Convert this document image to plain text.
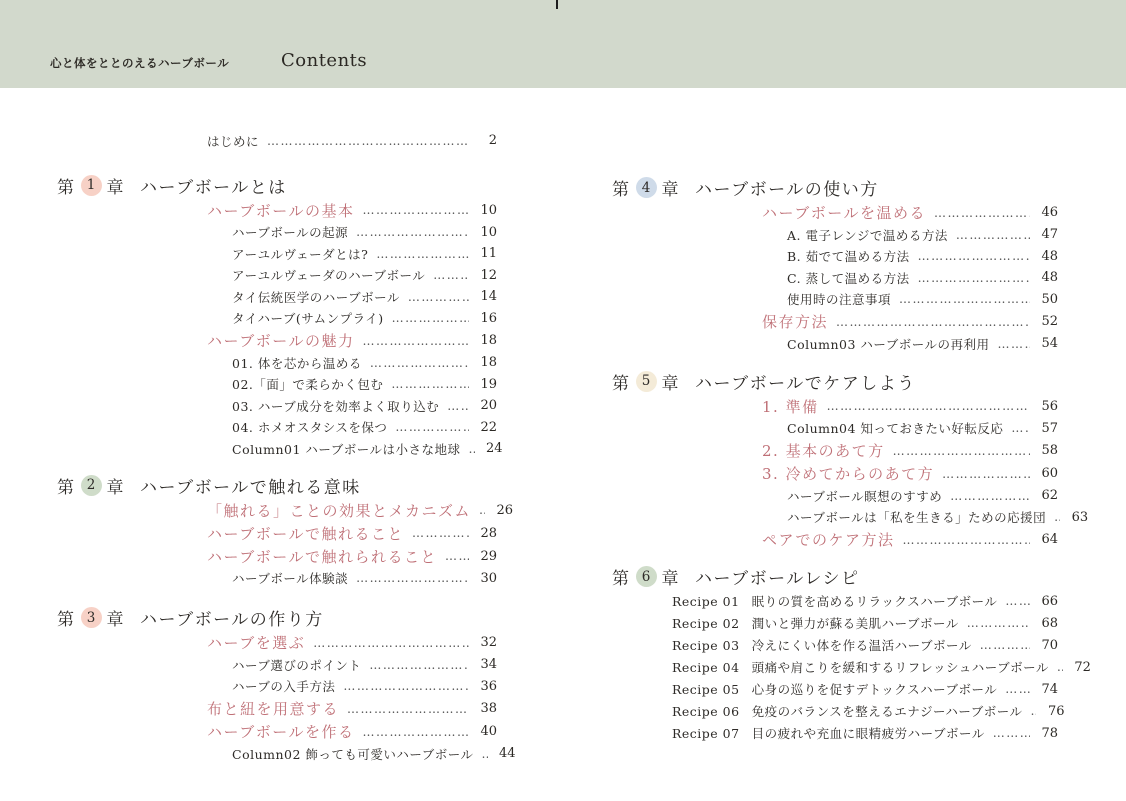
心と体をととのえるハーブボール	Contents
はじめに ………………………………………………………………………………………………………………	2
第 1 章 ハーブボールとは
ハーブボールの基本 ………………………………………………………………………………………………………………	10
ハーブボールの起源 ………………………………………………………………………………………………………………	10
アーユルヴェーダとは? ………………………………………………………………………………………………………………	11
アーユルヴェーダのハーブボール ………………………………………………………………………………………………………………	12
タイ伝統医学のハーブボール ………………………………………………………………………………………………………………	14
タイハーブ(サムンプライ) ………………………………………………………………………………………………………………	16
ハーブボールの魅力 ………………………………………………………………………………………………………………	18
01. 体を芯から温める ………………………………………………………………………………………………………………	18
02.「面」で柔らかく包む ………………………………………………………………………………………………………………	19
03. ハーブ成分を効率よく取り込む ………………………………………………………………………………………………………………	20
04. ホメオスタシスを保つ ………………………………………………………………………………………………………………	22
Column01 ハーブボールは小さな地球 ………………………………………………………………………………………………………………	24
第 2 章 ハーブボールで触れる意味
「触れる」ことの効果とメカニズム ………………………………………………………………………………………………………………	26
ハーブボールで触れること ………………………………………………………………………………………………………………	28
ハーブボールで触れられること ………………………………………………………………………………………………………………	29
ハーブボール体験談 ………………………………………………………………………………………………………………	30
第 3 章 ハーブボールの作り方
ハーブを選ぶ ………………………………………………………………………………………………………………	32
ハーブ選びのポイント ………………………………………………………………………………………………………………	34
ハーブの入手方法 ………………………………………………………………………………………………………………	36
布と紐を用意する ………………………………………………………………………………………………………………	38
ハーブボールを作る ………………………………………………………………………………………………………………	40
Column02 飾っても可愛いハーブボール ………………………………………………………………………………………………………………	44
第 4 章 ハーブボールの使い方
ハーブボールを温める ………………………………………………………………………………………………………………	46
A. 電子レンジで温める方法 ………………………………………………………………………………………………………………	47
B. 茹でて温める方法 ………………………………………………………………………………………………………………	48
C. 蒸して温める方法 ………………………………………………………………………………………………………………	48
使用時の注意事項 ………………………………………………………………………………………………………………	50
保存方法 ………………………………………………………………………………………………………………	52
Column03 ハーブボールの再利用 ………………………………………………………………………………………………………………	54
第 5 章 ハーブボールでケアしよう
1. 準備 ………………………………………………………………………………………………………………	56
Column04 知っておきたい好転反応 ………………………………………………………………………………………………………………	57
2. 基本のあて方 ………………………………………………………………………………………………………………	58
3. 冷めてからのあて方 ………………………………………………………………………………………………………………	60
ハーブボール瞑想のすすめ ………………………………………………………………………………………………………………	62
ハーブボールは「私を生きる」ための応援団 ………………………………………………………………………………………………………………	63
ペアでのケア方法 ………………………………………………………………………………………………………………	64
第 6 章 ハーブボールレシピ
Recipe 01 眠りの質を高めるリラックスハーブボール ………………………………………………………………………………………………………………	66
Recipe 02 潤いと弾力が蘇る美肌ハーブボール ………………………………………………………………………………………………………………	68
Recipe 03 冷えにくい体を作る温活ハーブボール ………………………………………………………………………………………………………………	70
Recipe 04 頭痛や肩こりを緩和するリフレッシュハーブボール ………………………………………………………………………………………………………………	72
Recipe 05 心身の巡りを促すデトックスハーブボール ………………………………………………………………………………………………………………	74
Recipe 06 免疫のバランスを整えるエナジーハーブボール ………………………………………………………………………………………………………………	76
Recipe 07 目の疲れや充血に眼精疲労ハーブボール ………………………………………………………………………………………………………………	78
